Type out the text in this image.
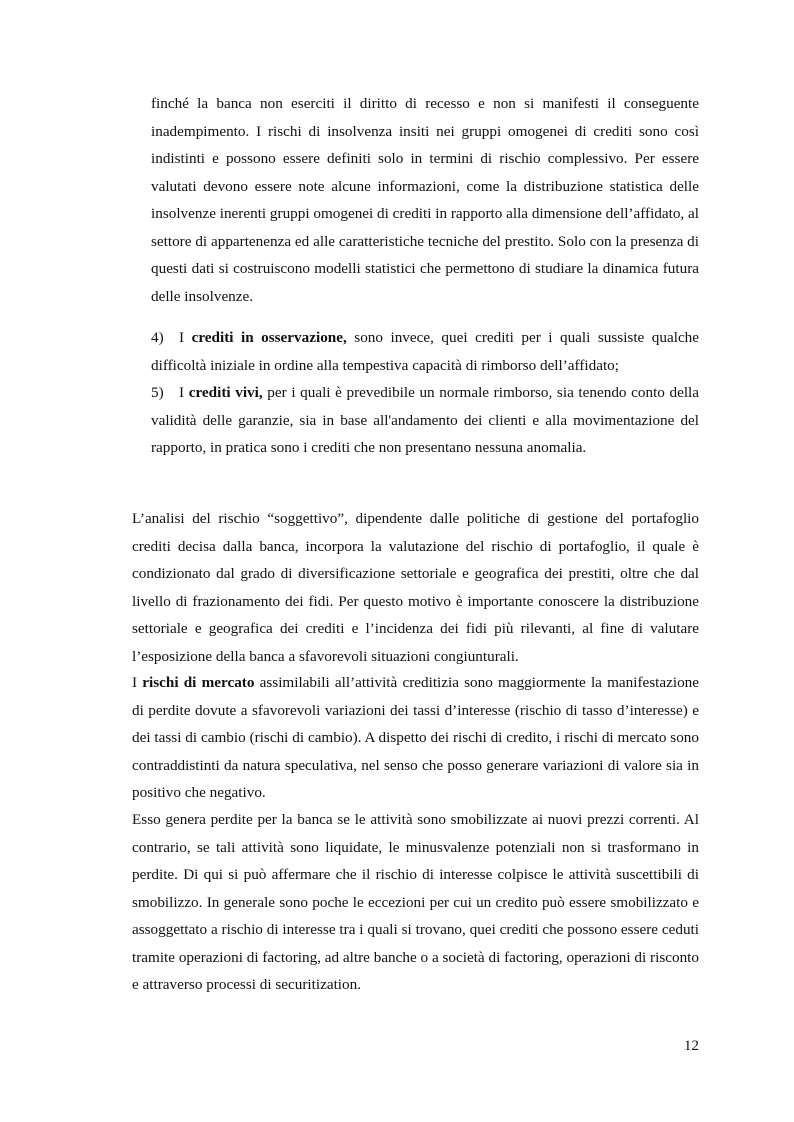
finché la banca non eserciti il diritto di recesso e non si manifesti il conseguente inadempimento. I rischi di insolvenza insiti nei gruppi omogenei di crediti sono così indistinti e possono essere definiti solo in termini di rischio complessivo. Per essere valutati devono essere note alcune informazioni, come la distribuzione statistica delle insolvenze inerenti gruppi omogenei di crediti in rapporto alla dimensione dell’affidato, al settore di appartenenza ed alle caratteristiche tecniche del prestito. Solo con la presenza di questi dati si costruiscono modelli statistici che permettono di studiare la dinamica futura delle insolvenze.

4) I crediti in osservazione, sono invece, quei crediti per i quali sussiste qualche difficoltà iniziale in ordine alla tempestiva capacità di rimborso dell’affidato;

5) I crediti vivi, per i quali è prevedibile un normale rimborso, sia tenendo conto della validità delle garanzie, sia in base all'andamento dei clienti e alla movimentazione del rapporto, in pratica sono i crediti che non presentano nessuna anomalia.

L’analisi del rischio “soggettivo”, dipendente dalle politiche di gestione del portafoglio crediti decisa dalla banca, incorpora la valutazione del rischio di portafoglio, il quale è condizionato dal grado di diversificazione settoriale e geografica dei prestiti, oltre che dal livello di frazionamento dei fidi. Per questo motivo è importante conoscere la distribuzione settoriale e geografica dei crediti e l’incidenza dei fidi più rilevanti, al fine di valutare l’esposizione della banca a sfavorevoli situazioni congiunturali.

I rischi di mercato assimilabili all’attività creditizia sono maggiormente la manifestazione di perdite dovute a sfavorevoli variazioni dei tassi d’interesse (rischio di tasso d’interesse) e dei tassi di cambio (rischi di cambio). A dispetto dei rischi di credito, i rischi di mercato sono contraddistinti da natura speculativa, nel senso che posso generare variazioni di valore sia in positivo che negativo.

Esso genera perdite per la banca se le attività sono smobilizzate ai nuovi prezzi correnti. Al contrario, se tali attività sono liquidate, le minusvalenze potenziali non si trasformano in perdite. Di qui si può affermare che il rischio di interesse colpisce le attività suscettibili di smobilizzo. In generale sono poche le eccezioni per cui un credito può essere smobilizzato e assoggettato a rischio di interesse tra i quali si trovano, quei crediti che possono essere ceduti tramite operazioni di factoring, ad altre banche o a società di factoring, operazioni di risconto e attraverso processi di securitization.

12
